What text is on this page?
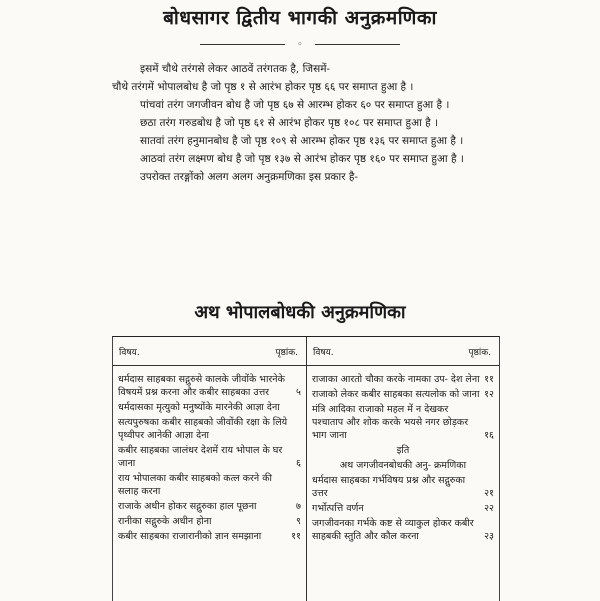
बोधसागर द्वितीय भागकी अनुक्रमणिका
◦

इसमें चौथे तरंगसे लेकर आठवें तरंगतक है, जिसमें-

चौथे तरंगमें भोपालबोध है जो पृष्ठ १ से आरंभ होकर पृष्ठ ६६ पर समाप्त हुआ है ।

पांचवां तरंग जगजीवन बोध है जो पृष्ठ ६७ से आरम्भ होकर ६० पर समाप्त हुआ है ।

छठा तरंग गरुडबोध है जो पृष्ठ ६१ से आरंभ होकर पृष्ठ १०८ पर समाप्त हुआ है ।

सातवां तरंग हनुमानबोध है जो पृष्ठ १०९ से आरम्भ होकर पृष्ठ १३६ पर समाप्त हुआ है ।

आठवां तरंग लक्ष्मण बोध है जो पृष्ठ १३७ से आरंभ होकर पृष्ठ १६० पर समाप्त हुआ है ।

उपरोक्त तरङ्गोंको अलग अलग अनुक्रमणिका इस प्रकार है-

अथ भोपालबोधकी अनुक्रमणिका
विषय.	पृष्ठांक.
धर्मदास साहबका सद्गुरुसे कालके जीवोंके भारनेके विषयमें प्रश्न करना और कबीर साहबका उत्तर	५
धर्मदासका मृत्युको मनुष्योंके मारनेकी आज्ञा देना
सत्यपुरुषका कबीर साहबको जीवोंकी रक्षा के लिये पृथ्वीपर आनेकी आज्ञा देना
कबीर साहबका जालंधर देशमें राय भोपाल के घर जाना	६
राय भोपालका कबीर साहबको कत्ल करने की सलाह करना
राजाके अधीन होकर सद्गुरुका हाल पूछना	७
रानीका सद्गुरुके अधीन होना	९
कबीर साहबका राजारानीको ज्ञान समझाना	११
विषय.	पृष्ठांक.
राजाका आरतो चौका करके नामका उप- देश लेना ११
राजाको लेकर कबीर साहबका सत्यलोक को जाना १२
मंत्रि आदिका राजाको महल में न देखकर पश्चाताप और शोक करके भयसे नगर छोड़कर भाग जाना	१६
इति
अथ जगजीवनबोधकी अनु- क्रमणिका
धर्मदास साहबका गर्भविषय प्रश्न और सद्गुरुका उत्तर	२१
गर्भोत्पत्ति वर्णन	२२
जगजीवनका गर्भके कष्ट से व्याकुल होकर कबीर साहबकी स्तुति और कौल करना	२३
